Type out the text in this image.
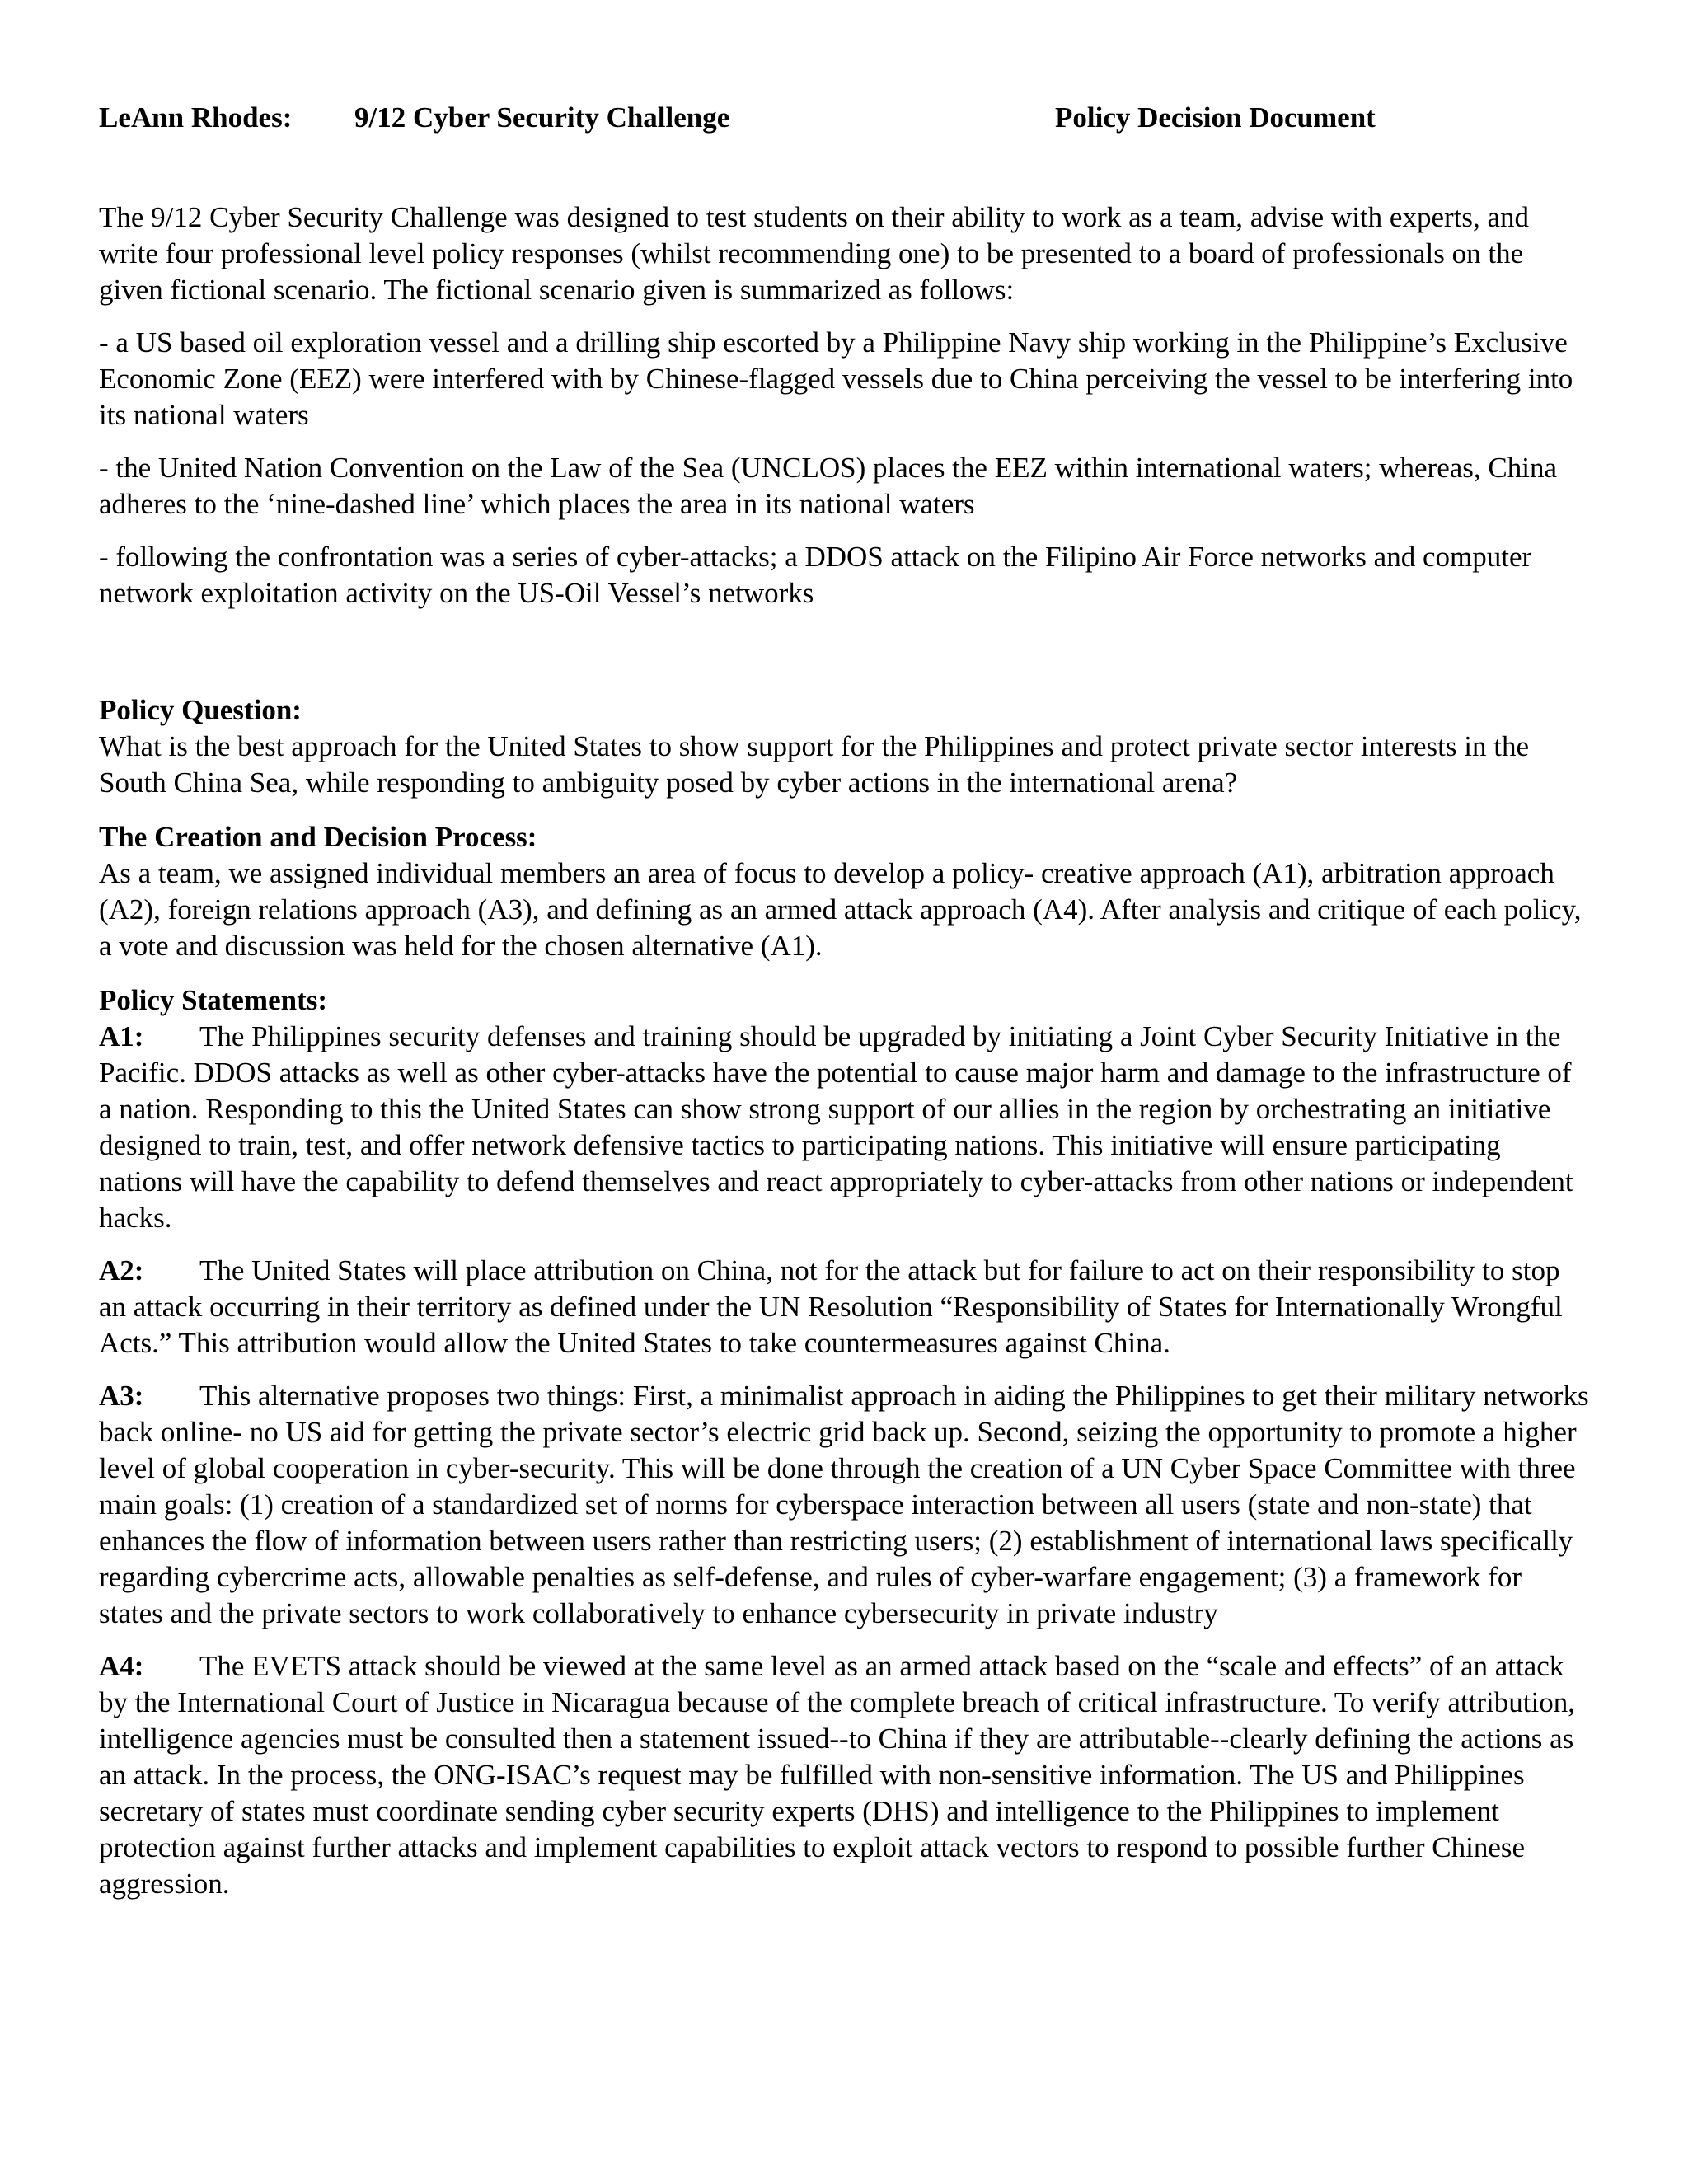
LeAnn Rhodes: 9/12 Cyber Security Challenge	Policy Decision Document

The 9/12 Cyber Security Challenge was designed to test students on their ability to work as a team, advise with experts, and write four professional level policy responses (whilst recommending one) to be presented to a board of professionals on the given fictional scenario. The fictional scenario given is summarized as follows:

- a US based oil exploration vessel and a drilling ship escorted by a Philippine Navy ship working in the Philippine’s Exclusive Economic Zone (EEZ) were interfered with by Chinese-flagged vessels due to China perceiving the vessel to be interfering into its national waters

- the United Nation Convention on the Law of the Sea (UNCLOS) places the EEZ within international waters; whereas, China adheres to the ‘nine-dashed line’ which places the area in its national waters

- following the confrontation was a series of cyber-attacks; a DDOS attack on the Filipino Air Force networks and computer network exploitation activity on the US-Oil Vessel’s networks

Policy Question:

What is the best approach for the United States to show support for the Philippines and protect private sector interests in the South China Sea, while responding to ambiguity posed by cyber actions in the international arena?

The Creation and Decision Process:

As a team, we assigned individual members an area of focus to develop a policy- creative approach (A1), arbitration approach (A2), foreign relations approach (A3), and defining as an armed attack approach (A4). After analysis and critique of each policy, a vote and discussion was held for the chosen alternative (A1).

Policy Statements:

A1: The Philippines security defenses and training should be upgraded by initiating a Joint Cyber Security Initiative in the Pacific. DDOS attacks as well as other cyber-attacks have the potential to cause major harm and damage to the infrastructure of a nation. Responding to this the United States can show strong support of our allies in the region by orchestrating an initiative designed to train, test, and offer network defensive tactics to participating nations. This initiative will ensure participating nations will have the capability to defend themselves and react appropriately to cyber-attacks from other nations or independent hacks.

A2: The United States will place attribution on China, not for the attack but for failure to act on their responsibility to stop an attack occurring in their territory as defined under the UN Resolution “Responsibility of States for Internationally Wrongful Acts.” This attribution would allow the United States to take countermeasures against China.

A3: This alternative proposes two things: First, a minimalist approach in aiding the Philippines to get their military networks back online- no US aid for getting the private sector’s electric grid back up. Second, seizing the opportunity to promote a higher level of global cooperation in cyber-security. This will be done through the creation of a UN Cyber Space Committee with three main goals: (1) creation of a standardized set of norms for cyberspace interaction between all users (state and non-state) that enhances the flow of information between users rather than restricting users; (2) establishment of international laws specifically regarding cybercrime acts, allowable penalties as self-defense, and rules of cyber-warfare engagement; (3) a framework for states and the private sectors to work collaboratively to enhance cybersecurity in private industry

A4: The EVETS attack should be viewed at the same level as an armed attack based on the “scale and effects” of an attack by the International Court of Justice in Nicaragua because of the complete breach of critical infrastructure. To verify attribution, intelligence agencies must be consulted then a statement issued--to China if they are attributable--clearly defining the actions as an attack. In the process, the ONG-ISAC’s request may be fulfilled with non-sensitive information. The US and Philippines secretary of states must coordinate sending cyber security experts (DHS) and intelligence to the Philippines to implement protection against further attacks and implement capabilities to exploit attack vectors to respond to possible further Chinese aggression.
